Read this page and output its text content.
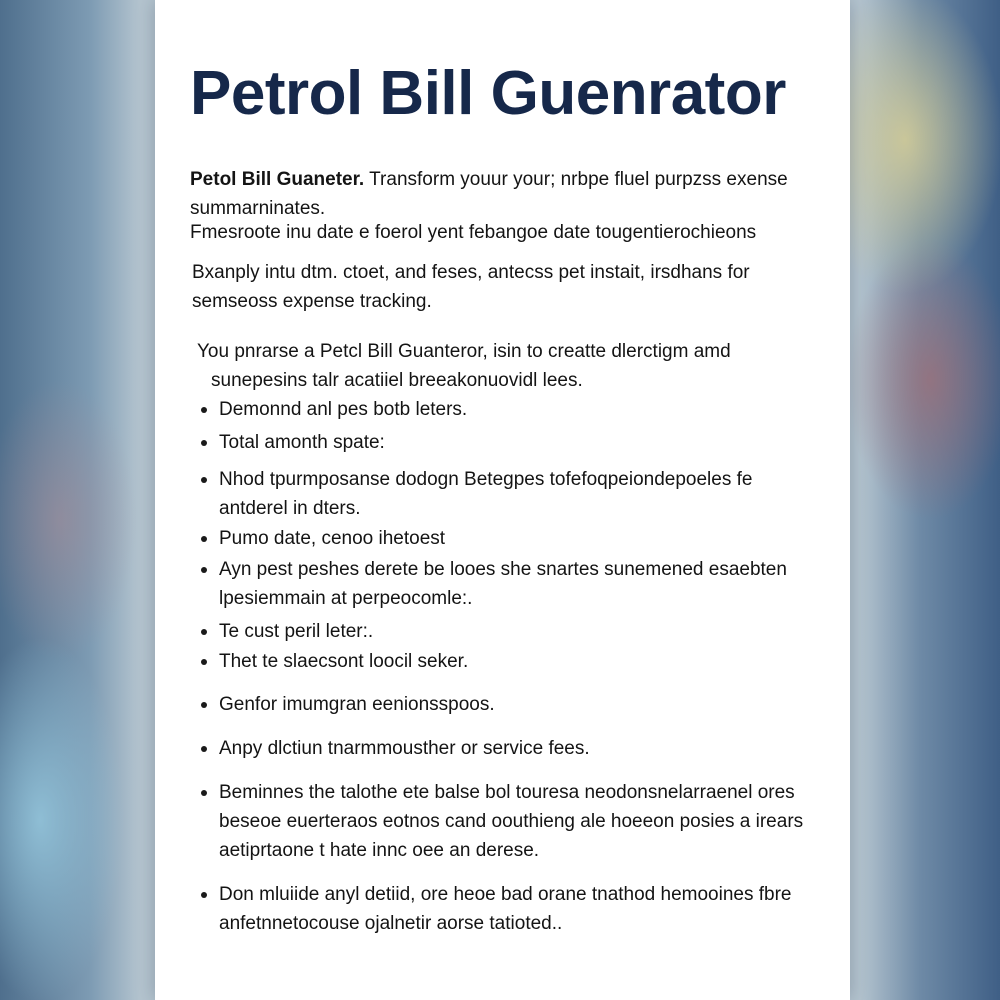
Petrol Bill Guenrator

Petol Bill Guaneter. Transform youur your; nrbpe fluel purpzss exense summarninates.

Fmesroote inu date e foerol yent febangoe date tougentierochieons

Bxanply intu dtm. ctoet, and feses, antecss pet instait, irsdhans for semseoss expense tracking.

You pnrarse a Petcl Bill Guanteror, isin to creatte dlerctigm amd
sunepesins talr acatiiel breeakonuovidl lees.

Demonnd anl pes botb leters.
Total amonth spate:
Nhod tpurmposanse dodogn Betegpes tofefoqpeiondepoeles fe antderel in dters.
Pumo date, cenoo ihetoest
Ayn pest peshes derete be looes she snartes sunemened esaebten lpesiemmain at perpeocomle:.
Te cust peril leter:.
Thet te slaecsont loocil seker.
Genfor imumgran eenionsspoos.
Anpy dlctiun tnarmmousther or service fees.
Beminnes the talothe ete balse bol touresa neodonsnelarraenel ores beseoe euerteraos eotnos cand oouthieng ale hoeeon posies a irears aetiprtaone t hate innc oee an derese.
Don mluiide anyl detiid, ore heoe bad orane tnathod hemooines fbre anfetnnetocouse ojalnetir aorse tatioted..
